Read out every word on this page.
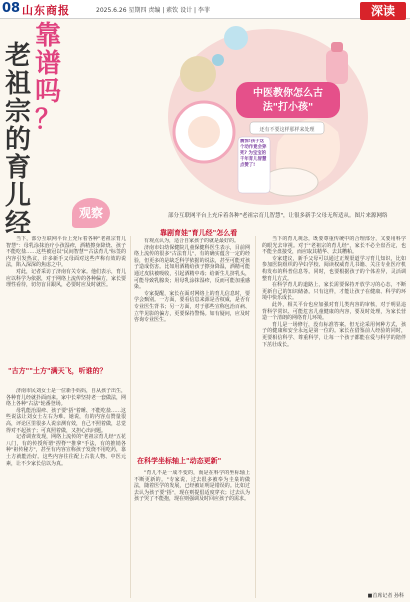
08 山东商报	2025.6.26 星期四 责编 | 素钦 设计 | 李菲	深读
靠
谱
吗
？
老
祖
宗
的
育
儿
经	观察
中医教你怎么古
法"打小孩"
还有不要这样那样来处理
震惊!孩子这个动作竟会猝死? 为宝宝的千年育儿智慧点赞了!
部分互联网平台上充斥着各种"老祖宗育儿智慧"，让很多新手父母无所适从。图片来源网络
靠剧育娃"育儿经"怎么看

当下，部分互联网平台上充斥着各种"老祖宗育儿智慧"：母乳涂抹治疗小孩湿疹，酒精擦身降烧、孩子不能吃盐……这些被冠以"民间智慧""古法育儿"标签的内容引发热议，许多新手父母面对这些声称有效的说法，陷入深深的焦虑之中。

对此，记者采访了济南有关专家。他们表示，育儿应以科学为依据，对于网络上流传的各种偏方，家长要理性看待，切勿盲目跟风，必要时应及时就医。

"古方""土方"满天飞，听谁的？

济南市民刘女士是一位新手妈妈，自从孩子出生，各种育儿经就扑面而来。家中长辈坚持老一套做法，网络上各种"古法"轮番登场。

母乳能治湿疹、孩子要"捂"着睡、不能吃盐……这些说法让刘女士左右为难。她说，有的内容点赞量很高，评论区里很多人说亲测有效，自己不照着做，总觉得对不起孩子；可真照着做，又担心出问题。

记者调查发现，网络上流传的"老祖宗育儿经"五花八门，有的传授所谓"捏脊""推拿"手法，有的推销各种"祖传秘方"，甚至有内容宣称孩子发烧不用吃药，靠土方就能治好。这些内容往往配上古装人物、中医元素，让不少家长信以为真。

有观点认为，适合自家孩子的就是最好的。

济南市妇幼保健院儿童保健科医生表示，目前网络上流传的很多"古法育儿"，有的确实蕴含一定的经验，但更多的是缺乏科学依据的说法，甚至可能对孩子造成伤害。比如用酒精给孩子擦身降温，酒精可能通过皮肤被吸收，引起酒精中毒；给新生儿挤乳头，可能导致乳腺炎；用母乳涂抹湿疹，反而可能加重感染。

专家提醒，家长在面对网络上的育儿信息时，要学会甄别。一方面，要看信息来源是否权威，是否有专业医生背书；另一方面，对于那些宣称包治百病、立竿见影的偏方，更要保持警惕。如有疑问，应及时咨询专业医生。

在科学坐标轴上"动态更新"

"育儿不是一成不变的，而是在科学的坐标轴上不断更新的。"专家说，过去很多被奉为圭臬的做法，随着医学的发展，已经被证明是错误的。比如过去认为孩子要"捂"，现在则提倡适度穿衣；过去认为孩子哭了不能抱，现在则强调及时回应孩子的需求。

当下的育儿观念，既要尊重传统中的合理部分，又要用科学的眼光去审视。对于"老祖宗的育儿经"，家长不必全盘否定，也不能全盘接受，而应取其精华、去其糟粕。

专家建议，新手父母可以通过正规渠道学习育儿知识，比如参加医院组织的孕妇学校、阅读权威育儿书籍、关注专业医疗机构发布的科普信息等。同时，也要根据孩子的个体差异，灵活调整育儿方式。

在科学育儿的道路上，家长需要保持开放学习的心态，不断更新自己的知识储备。只有这样，才能让孩子在健康、科学的环境中快乐成长。

此外，相关平台也应加强对育儿类内容的审核，对于明显违背科学常识、可能危害儿童健康的内容，要及时处理，为家长营造一个清朗的网络育儿环境。

育儿是一场修行，没有标准答案。但无论采用何种方式，孩子的健康和安全永远是第一位的。家长在借鉴前人经验的同时，更要相信科学、尊重科学，让每一个孩子都能在爱与科学的陪伴下茁壮成长。

■首席记者 孙科
